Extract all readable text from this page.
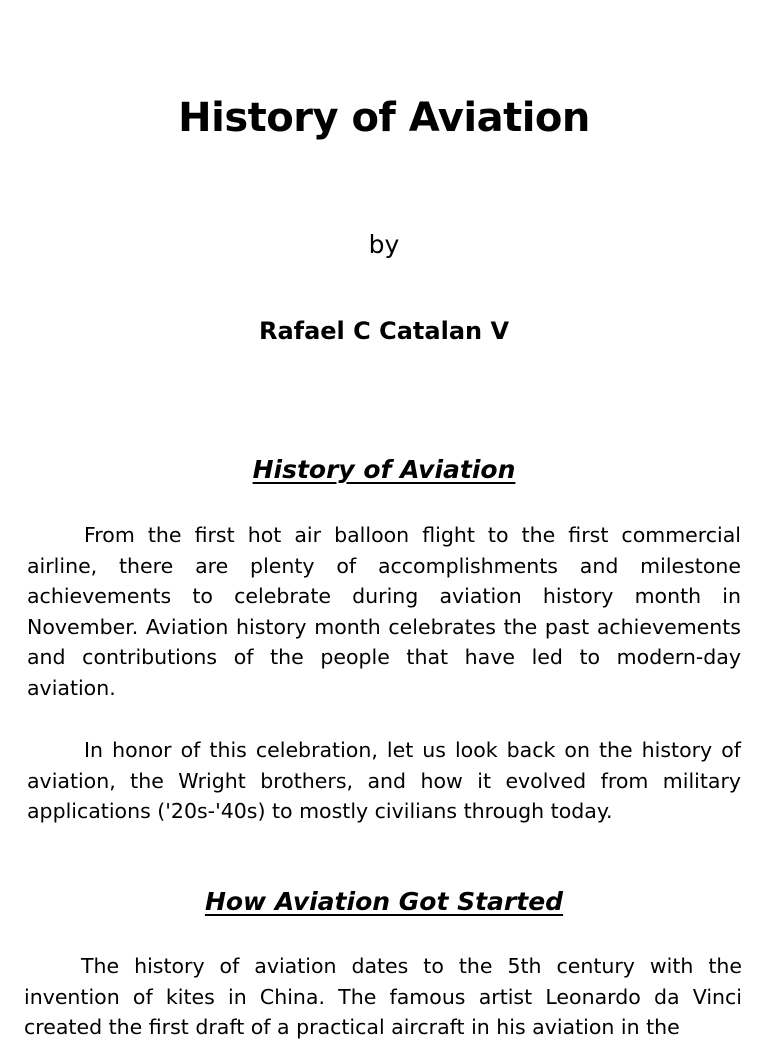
History of Aviation
by
Rafael C Catalan V
History of Aviation

From the first hot air balloon flight to the first commercial airline, there are plenty of accomplishments and milestone achievements to celebrate during aviation history month in November. Aviation history month celebrates the past achievements and contributions of the people that have led to modern-day aviation.

In honor of this celebration, let us look back on the history of aviation, the Wright brothers, and how it evolved from military applications ('20s-'40s) to mostly civilians through today.

How Aviation Got Started

The history of aviation dates to the 5th century with the invention of kites in China. The famous artist Leonardo da Vinci created the first draft of a practical aircraft in his aviation in the
